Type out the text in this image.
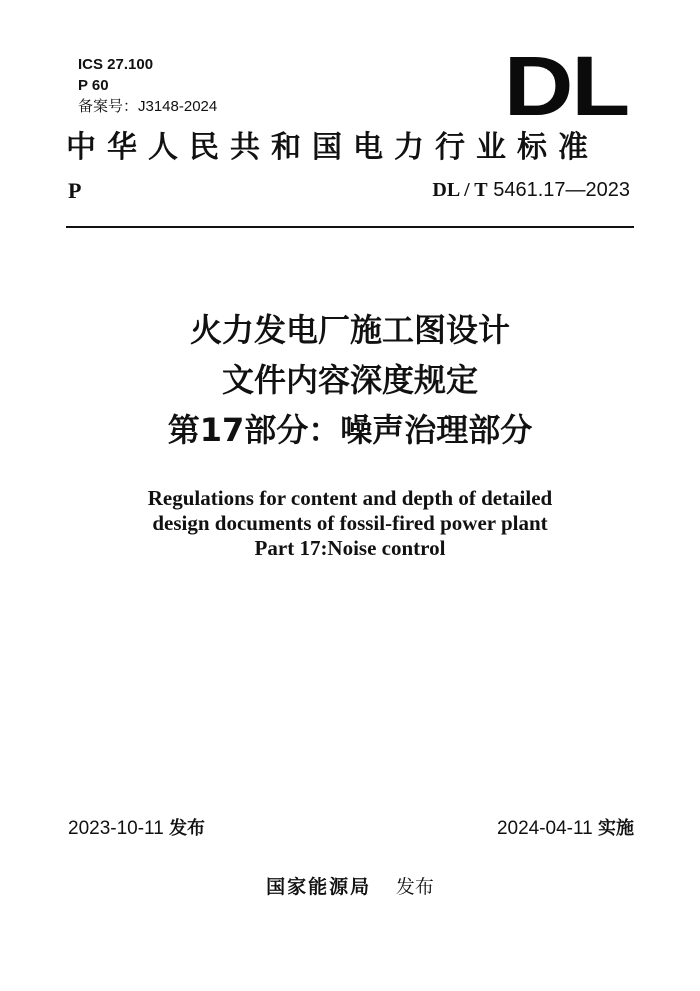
ICS 27.100
P 60
备案号：J3148-2024	DL
中华人民共和国电力行业标准
P	DL / T 5461.17—2023
火力发电厂施工图设计
文件内容深度规定
第17部分：噪声治理部分
Regulations for content and depth of detailed
design documents of fossil-fired power plant
Part 17:Noise control
2023-10-11 发布	2024-04-11 实施
国家能源局 发布
